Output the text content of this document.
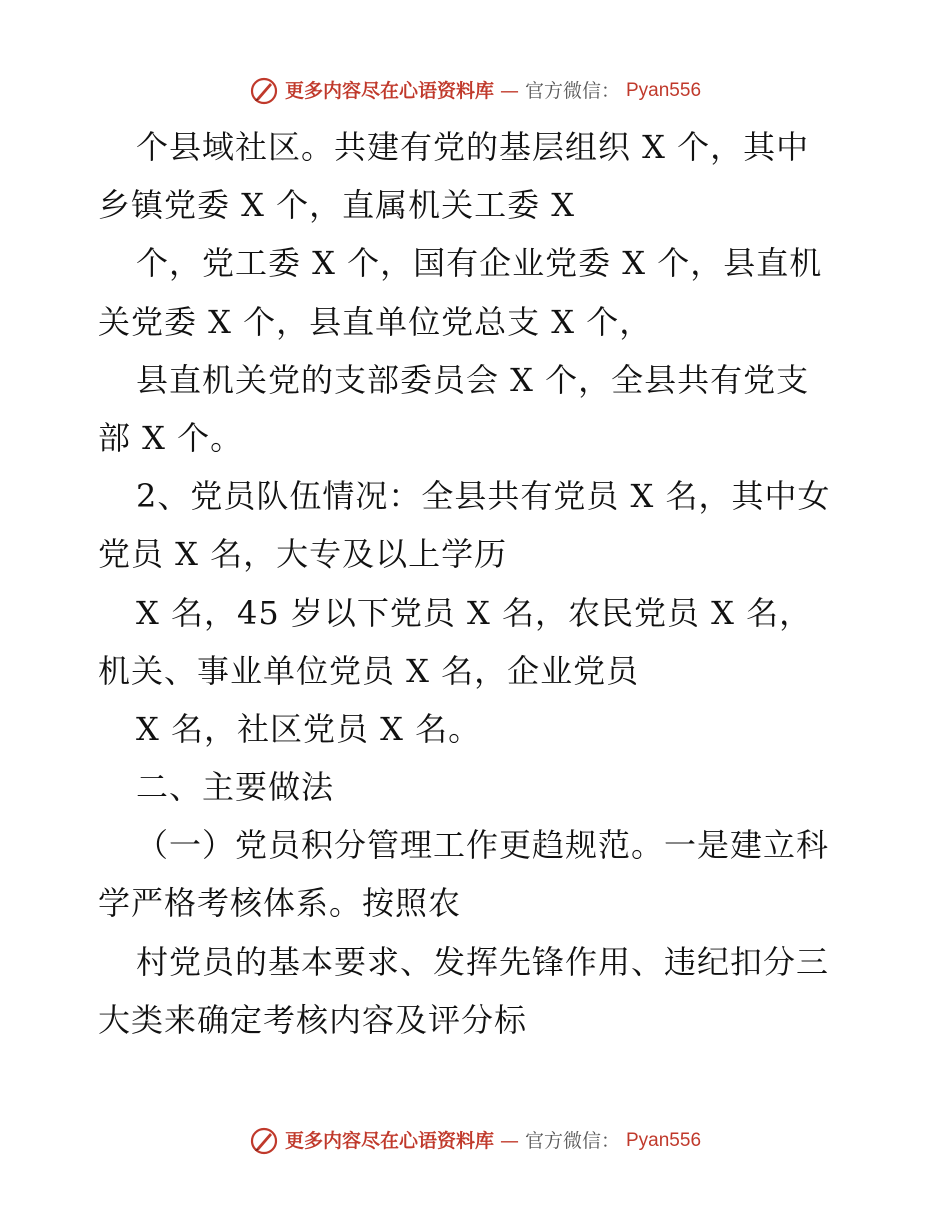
更多内容尽在心语资料库 — 官方微信： Pyan556
个县域社区。共建有党的基层组织 X 个，其中
乡镇党委 X 个，直属机关工委 X
个，党工委 X 个，国有企业党委 X 个，县直机
关党委 X 个，县直单位党总支 X 个，
县直机关党的支部委员会 X 个，全县共有党支
部 X 个。
2、党员队伍情况：全县共有党员 X 名，其中女
党员 X 名，大专及以上学历
X 名，45 岁以下党员 X 名，农民党员 X 名，
机关、事业单位党员 X 名，企业党员
X 名，社区党员 X 名。
二、主要做法
（一）党员积分管理工作更趋规范。一是建立科
学严格考核体系。按照农
村党员的基本要求、发挥先锋作用、违纪扣分三
大类来确定考核内容及评分标
更多内容尽在心语资料库 — 官方微信： Pyan556
